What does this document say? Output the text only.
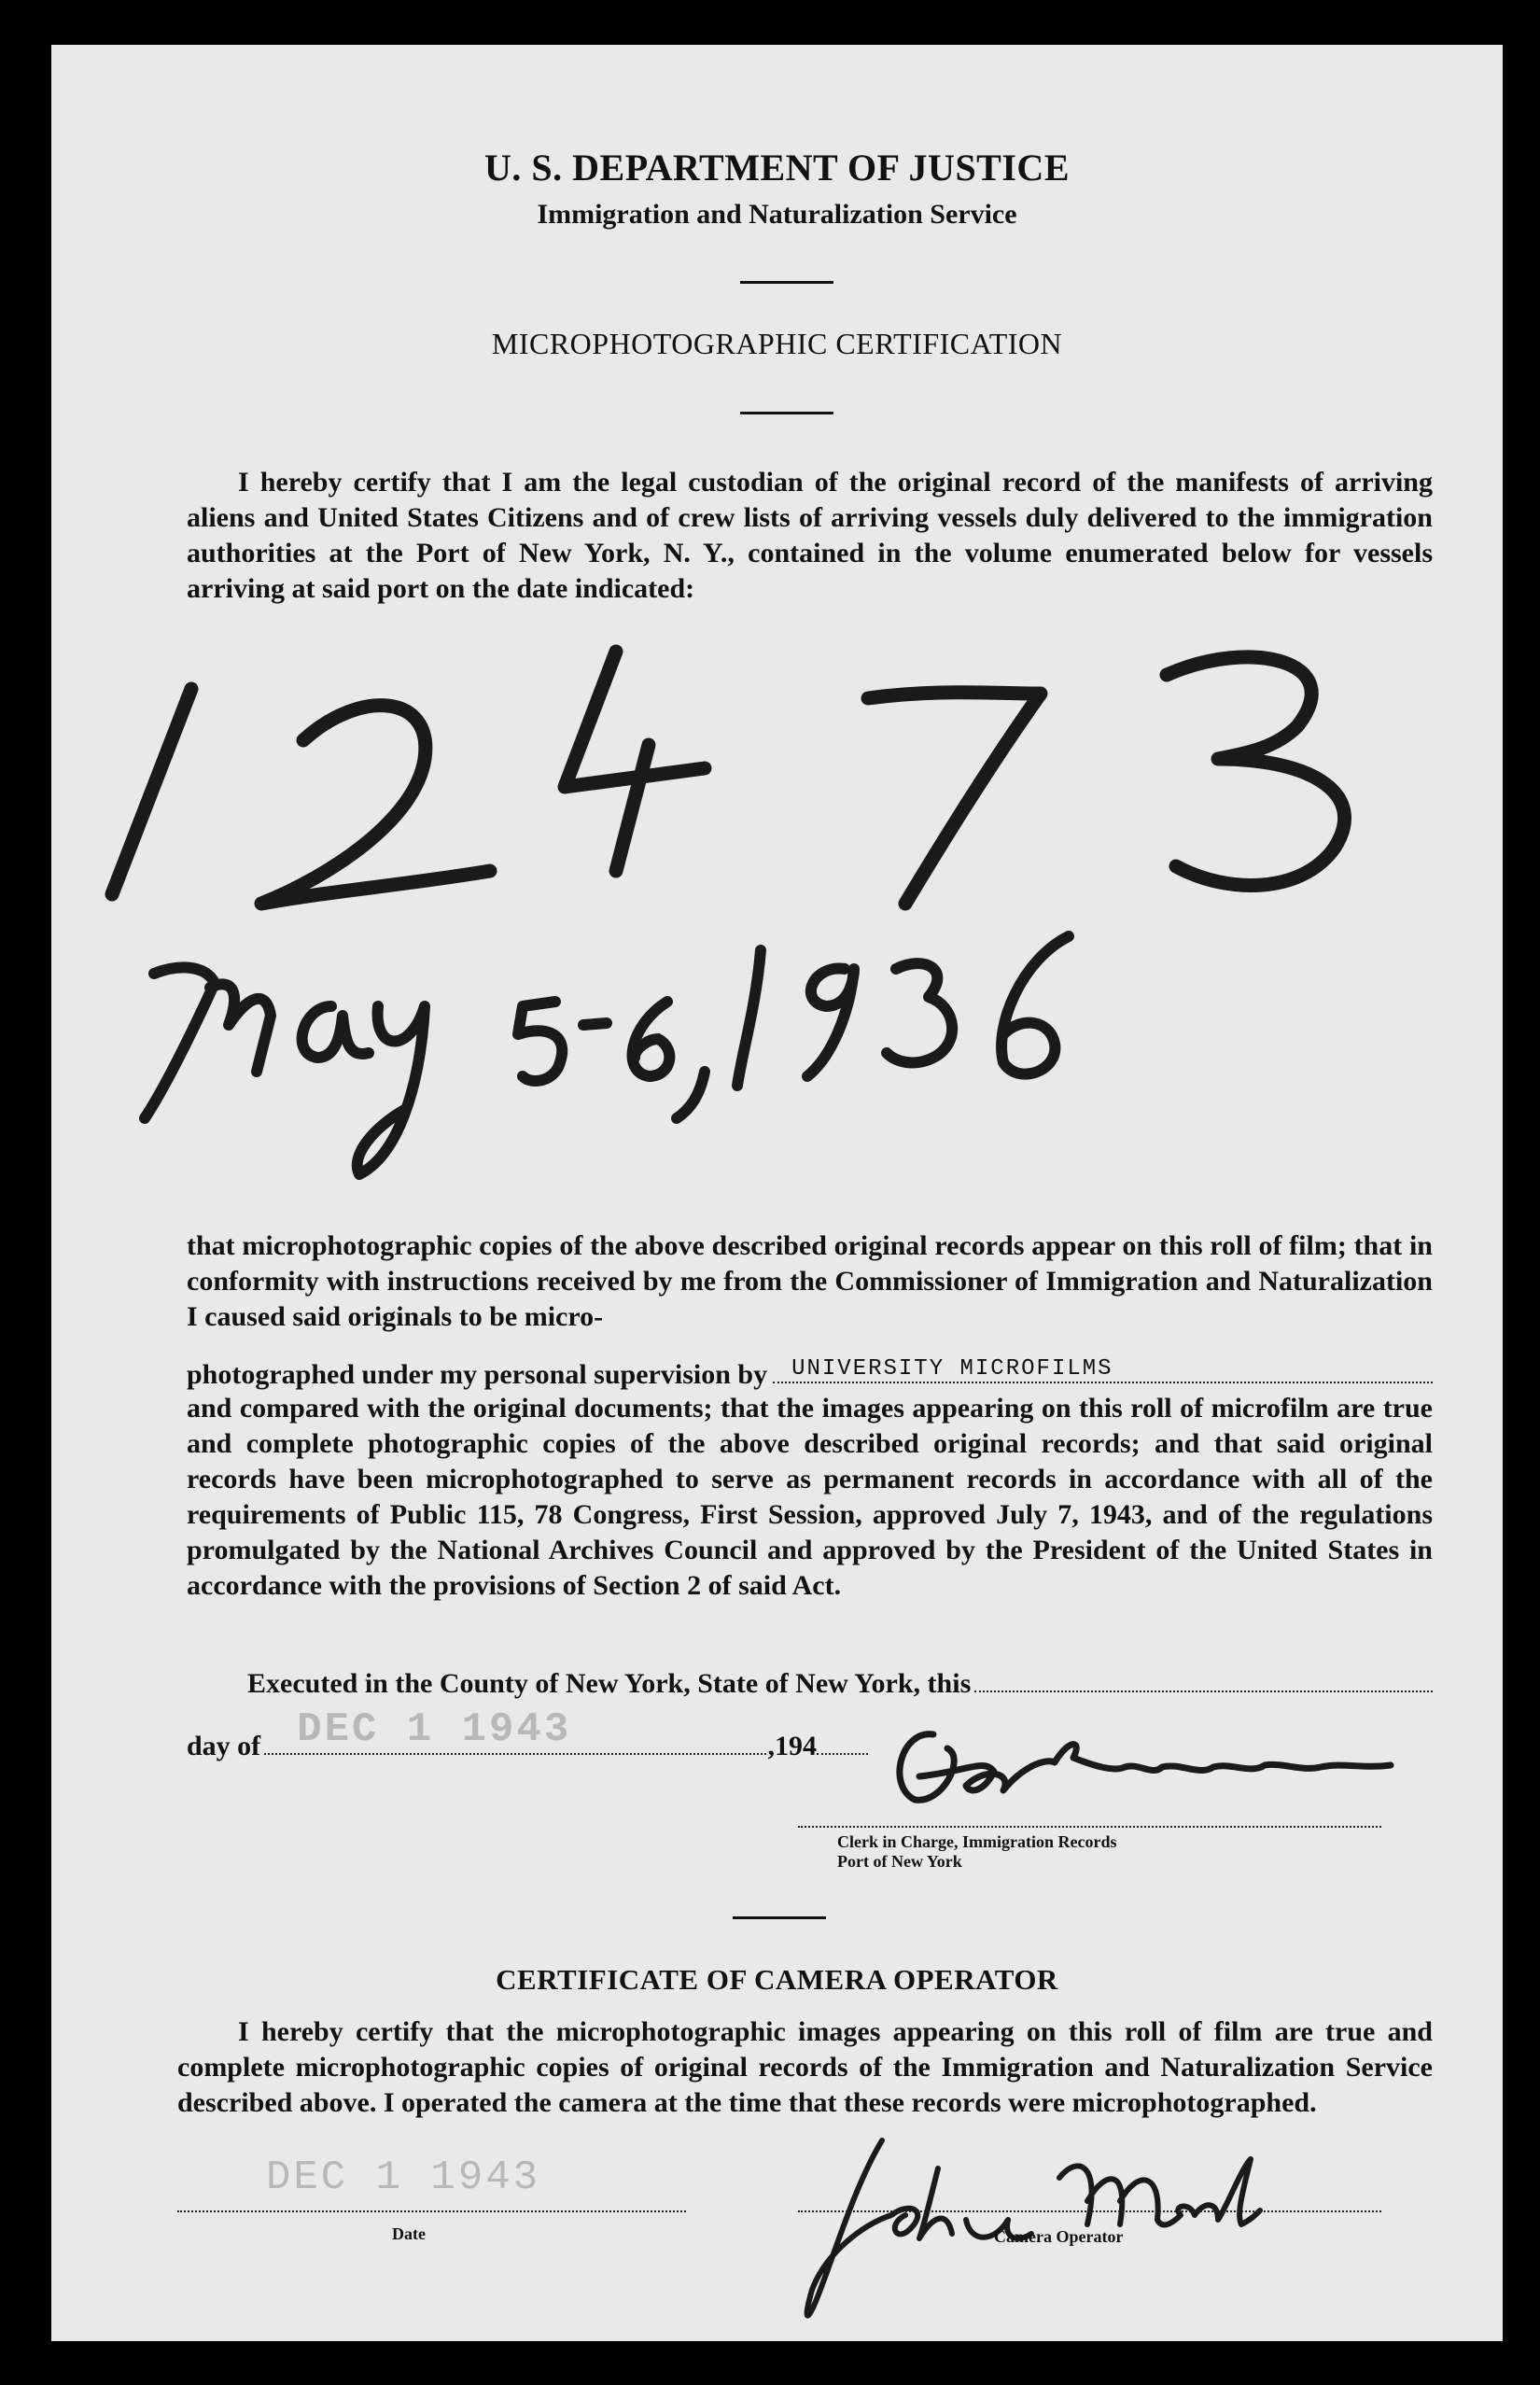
U. S. DEPARTMENT OF JUSTICE
Immigration and Naturalization Service
MICROPHOTOGRAPHIC CERTIFICATION

I hereby certify that I am the legal custodian of the original record of the manifests of arriving aliens and United States Citizens and of crew lists of arriving vessels duly delivered to the immigration authorities at the Port of New York, N. Y., contained in the volume enumerated below for vessels arriving at said port on the date indicated:

that microphotographic copies of the above described original records appear on this roll of film; that in conformity with instructions received by me from the Commissioner of Immigration and Naturalization I caused said originals to be micro-

photographed under my personal supervision by UNIVERSITY MICROFILMS

and compared with the original documents; that the images appearing on this roll of microfilm are true and complete photographic copies of the above described original records; and that said original records have been microphotographed to serve as permanent records in accordance with all of the requirements of Public 115, 78 Congress, First Session, approved July 7, 1943, and of the regulations promulgated by the National Archives Council and approved by the President of the United States in accordance with the provisions of Section 2 of said Act.

Executed in the County of New York, State of New York, this
day of DEC 1 1943	, 194
Clerk in Charge, Immigration Records
Port of New York
CERTIFICATE OF CAMERA OPERATOR

I hereby certify that the microphotographic images appearing on this roll of film are true and complete microphotographic copies of original records of the Immigration and Naturalization Service described above. I operated the camera at the time that these records were microphotographed.

DEC 1 1943
Date	Camera Operator
